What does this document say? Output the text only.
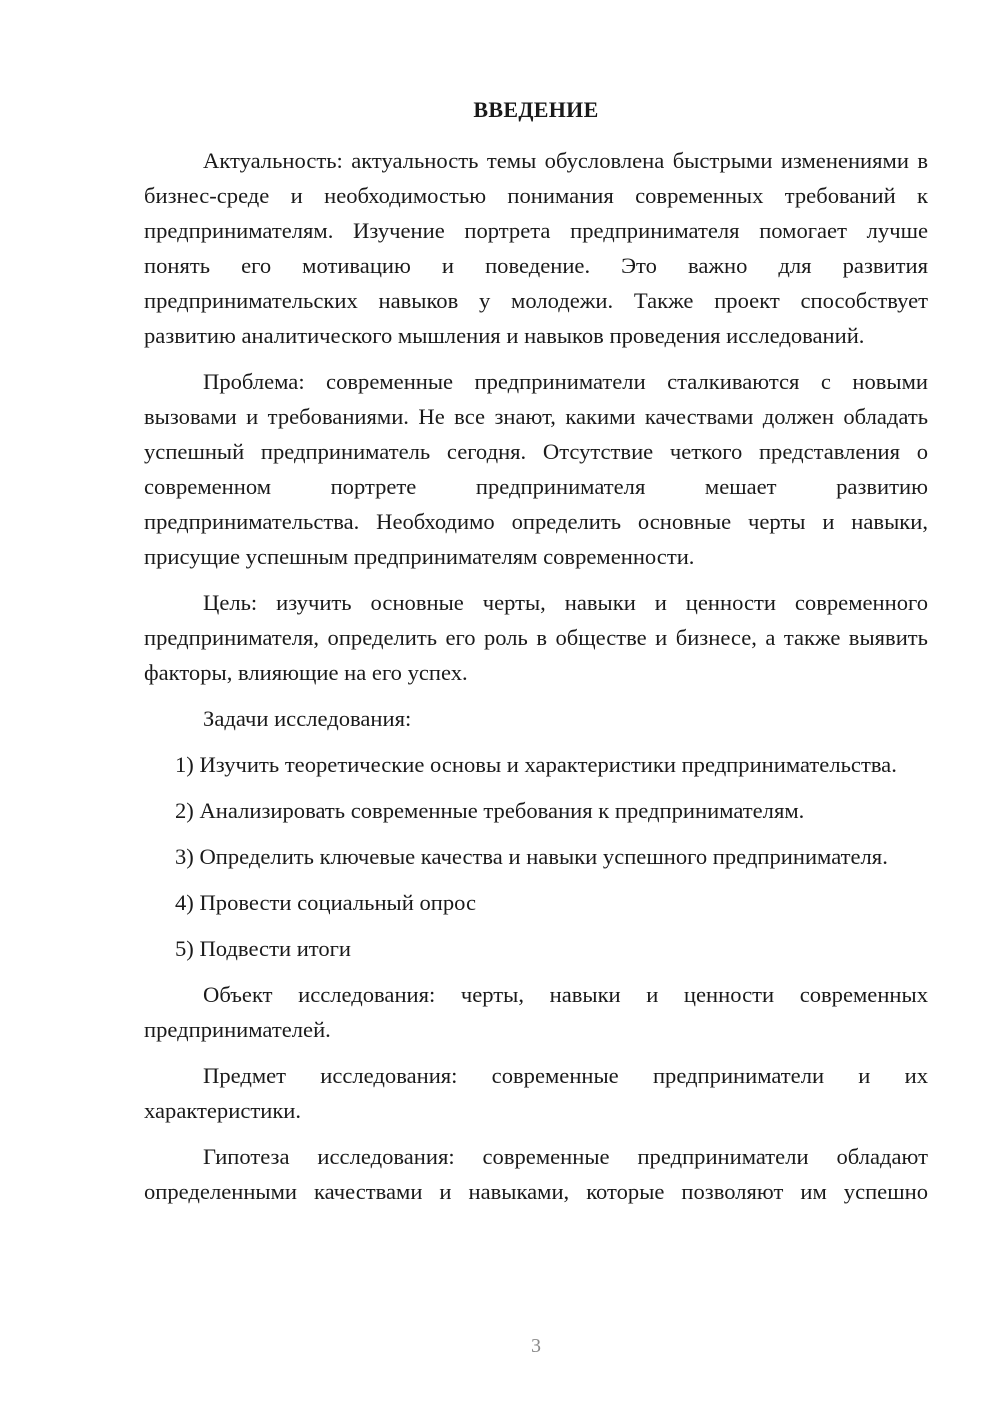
ВВЕДЕНИЕ

Актуальность: актуальность темы обусловлена быстрыми изменениями в бизнес-среде и необходимостью понимания современных требований к предпринимателям. Изучение портрета предпринимателя помогает лучше понять его мотивацию и поведение. Это важно для развития предпринимательских навыков у молодежи. Также проект способствует развитию аналитического мышления и навыков проведения исследований.

Проблема: современные предприниматели сталкиваются с новыми вызовами и требованиями. Не все знают, какими качествами должен обладать успешный предприниматель сегодня. Отсутствие четкого представления о современном портрете предпринимателя мешает развитию предпринимательства. Необходимо определить основные черты и навыки, присущие успешным предпринимателям современности.

Цель: изучить основные черты, навыки и ценности современного предпринимателя, определить его роль в обществе и бизнесе, а также выявить факторы, влияющие на его успех.

Задачи исследования:

1) Изучить теоретические основы и характеристики предпринимательства.

2) Анализировать современные требования к предпринимателям.

3) Определить ключевые качества и навыки успешного предпринимателя.

4) Провести социальный опрос

5) Подвести итоги

Объект исследования: черты, навыки и ценности современных предпринимателей.

Предмет исследования: современные предприниматели и их характеристики.

Гипотеза исследования: современные предприниматели обладают определенными качествами и навыками, которые позволяют им успешно

3
